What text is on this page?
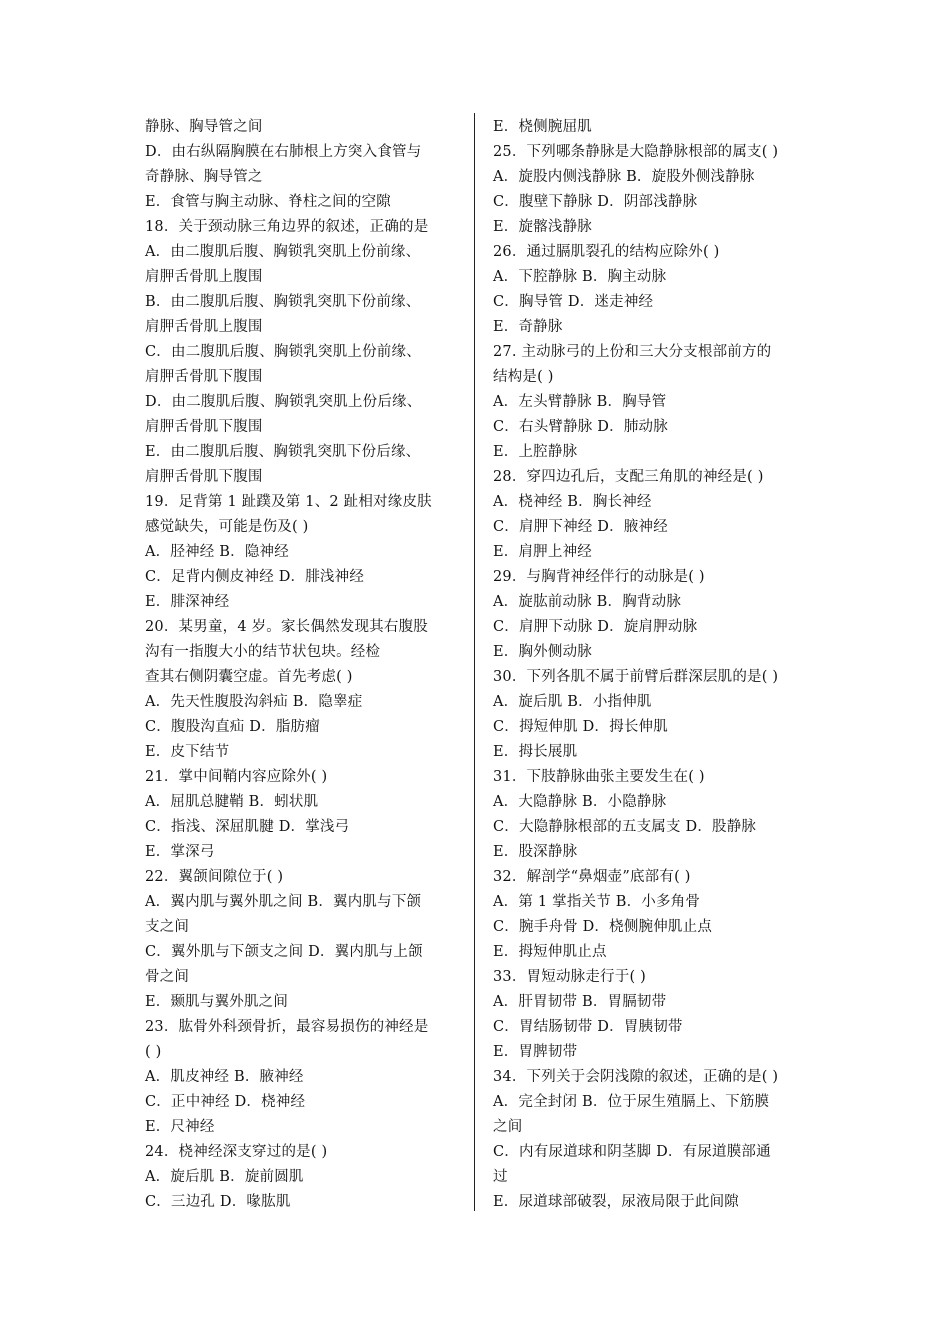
静脉、胸导管之间
D．由右纵隔胸膜在右肺根上方突入食管与
奇静脉、胸导管之
E．食管与胸主动脉、脊柱之间的空隙
18．关于颈动脉三角边界的叙述，正确的是
A．由二腹肌后腹、胸锁乳突肌上份前缘、
肩胛舌骨肌上腹围
B．由二腹肌后腹、胸锁乳突肌下份前缘、
肩胛舌骨肌上腹围
C．由二腹肌后腹、胸锁乳突肌上份前缘、
肩胛舌骨肌下腹围
D．由二腹肌后腹、胸锁乳突肌上份后缘、
肩胛舌骨肌下腹围
E．由二腹肌后腹、胸锁乳突肌下份后缘、
肩胛舌骨肌下腹围
19．足背第 1 趾蹼及第 1、2 趾相对缘皮肤
感觉缺失，可能是伤及( )
A．胫神经 B．隐神经
C．足背内侧皮神经 D．腓浅神经
E．腓深神经
20．某男童，4 岁。家长偶然发现其右腹股
沟有一指腹大小的结节状包块。经检
查其右侧阴囊空虚。首先考虑( )
A．先天性腹股沟斜疝 B．隐睾症
C．腹股沟直疝 D．脂肪瘤
E．皮下结节
21．掌中间鞘内容应除外( )
A．屈肌总腱鞘 B．蚓状肌
C．指浅、深屈肌腱 D．掌浅弓
E．掌深弓
22．翼颌间隙位于( )
A．翼内肌与翼外肌之间 B．翼内肌与下颌
支之间
C．翼外肌与下颌支之间 D．翼内肌与上颌
骨之间
E．颞肌与翼外肌之间
23．肱骨外科颈骨折，最容易损伤的神经是
( )
A．肌皮神经 B．腋神经
C．正中神经 D．桡神经
E．尺神经
24．桡神经深支穿过的是( )
A．旋后肌 B．旋前圆肌
C．三边孔 D．喙肱肌
E．桡侧腕屈肌
25．下列哪条静脉是大隐静脉根部的属支( )
A．旋股内侧浅静脉 B．旋股外侧浅静脉
C．腹壁下静脉 D．阴部浅静脉
E．旋髂浅静脉
26．通过膈肌裂孔的结构应除外( )
A．下腔静脉 B．胸主动脉
C．胸导管 D．迷走神经
E．奇静脉
27. 主动脉弓的上份和三大分支根部前方的
结构是( )
A．左头臂静脉 B．胸导管
C．右头臂静脉 D．肺动脉
E．上腔静脉
28．穿四边孔后，支配三角肌的神经是( )
A．桡神经 B．胸长神经
C．肩胛下神经 D．腋神经
E．肩胛上神经
29．与胸背神经伴行的动脉是( )
A．旋肱前动脉 B．胸背动脉
C．肩胛下动脉 D．旋肩胛动脉
E．胸外侧动脉
30．下列各肌不属于前臂后群深层肌的是( )
A．旋后肌 B．小指伸肌
C．拇短伸肌 D．拇长伸肌
E．拇长展肌
31．下肢静脉曲张主要发生在( )
A．大隐静脉 B．小隐静脉
C．大隐静脉根部的五支属支 D．股静脉
E．股深静脉
32．解剖学“鼻烟壶”底部有( )
A．第 1 掌指关节 B．小多角骨
C．腕手舟骨 D．桡侧腕伸肌止点
E．拇短伸肌止点
33．胃短动脉走行于( )
A．肝胃韧带 B．胃膈韧带
C．胃结肠韧带 D．胃胰韧带
E．胃脾韧带
34．下列关于会阴浅隙的叙述，正确的是( )
A．完全封闭 B．位于尿生殖膈上、下筋膜
之间
C．内有尿道球和阴茎脚 D．有尿道膜部通
过
E．尿道球部破裂，尿液局限于此间隙
